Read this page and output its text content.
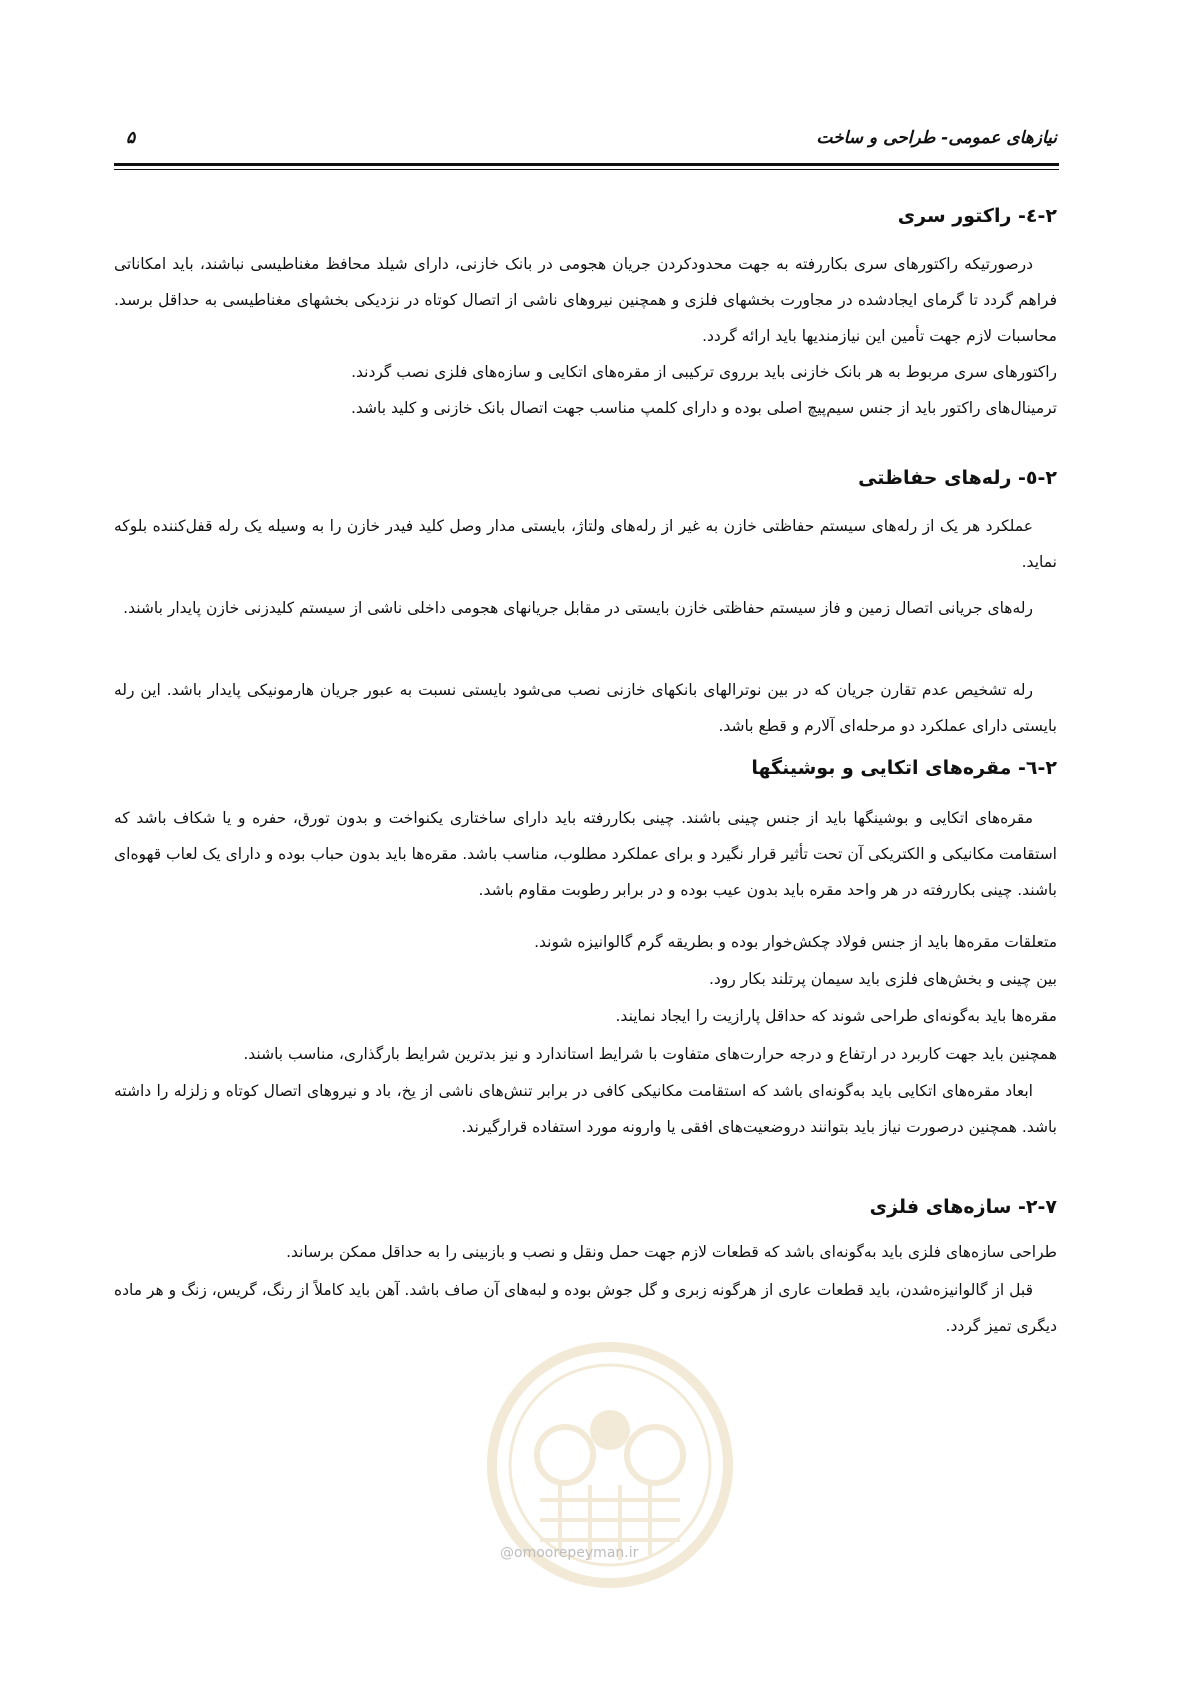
نیازهای عمومی- طراحی و ساخت
۵
۲-٤- راکتور سری

درصورتیکه راکتورهای سری بکاررفته به جهت محدودکردن جریان هجومی در بانک خازنی، دارای شیلد محافظ مغناطیسی نباشند، باید امکاناتی فراهم گردد تا گرمای ایجادشده در مجاورت بخشهای فلزی و همچنین نیروهای ناشی از اتصال کوتاه در نزدیکی بخشهای مغناطیسی به حداقل برسد. محاسبات لازم جهت تأمین این نیازمندیها باید ارائه گردد.

راکتورهای سری مربوط به هر بانک خازنی باید برروی ترکیبی از مقره‌های اتکایی و سازه‌های فلزی نصب گردند.
ترمینال‌های راکتور باید از جنس سیم‌پیچ اصلی بوده و دارای کلمپ مناسب جهت اتصال بانک خازنی و کلید باشد.
۲-٥- رله‌های حفاظتی

عملکرد هر یک از رله‌های سیستم حفاظتی خازن به غیر از رله‌های ولتاژ، بایستی مدار وصل کلید فیدر خازن را به وسیله یک رله قفل‌کننده بلوکه نماید.

رله‌های جریانی اتصال زمین و فاز سیستم حفاظتی خازن بایستی در مقابل جریانهای هجومی داخلی ناشی از سیستم کلیدزنی خازن پایدار باشند.

رله تشخیص عدم تقارن جریان که در بین نوترالهای بانکهای خازنی نصب می‌شود بایستی نسبت به عبور جریان هارمونیکی پایدار باشد. این رله بایستی دارای عملکرد دو مرحله‌ای آلارم و قطع باشد.

۲-٦- مقره‌های اتکایی و بوشینگها

مقره‌های اتکایی و بوشینگها باید از جنس چینی باشند. چینی بکاررفته باید دارای ساختاری یکنواخت و بدون تورق، حفره و یا شکاف باشد که استقامت مکانیکی و الکتریکی آن تحت تأثیر قرار نگیرد و برای عملکرد مطلوب، مناسب باشد. مقره‌ها باید بدون حباب بوده و دارای یک لعاب قهوه‌ای باشند. چینی بکاررفته در هر واحد مقره باید بدون عیب بوده و در برابر رطوبت مقاوم باشد.

متعلقات مقره‌ها باید از جنس فولاد چکش‌خوار بوده و بطریقه گرم گالوانیزه شوند.
بین چینی و بخش‌های فلزی باید سیمان پرتلند بکار رود.
مقره‌ها باید به‌گونه‌ای طراحی شوند که حداقل پارازیت را ایجاد نمایند.
همچنین باید جهت کاربرد در ارتفاع و درجه حرارت‌های متفاوت با شرایط استاندارد و نیز بدترین شرایط بارگذاری، مناسب باشند.

ابعاد مقره‌های اتکایی باید به‌گونه‌ای باشد که استقامت مکانیکی کافی در برابر تنش‌های ناشی از یخ، باد و نیروهای اتصال کوتاه و زلزله را داشته باشد. همچنین درصورت نیاز باید بتوانند دروضعیت‌های افقی یا وارونه مورد استفاده قرارگیرند.

۲-۷- سازه‌های فلزی
طراحی سازه‌های فلزی باید به‌گونه‌ای باشد که قطعات لازم جهت حمل ونقل و نصب و بازبینی را به حداقل ممکن برساند.

قبل از گالوانیزه‌شدن، باید قطعات عاری از هرگونه زبری و گل جوش بوده و لبه‌های آن صاف باشد. آهن باید کاملاً از رنگ، گریس، زنگ و هر ماده دیگری تمیز گردد.

@omoorepeyman.ir
